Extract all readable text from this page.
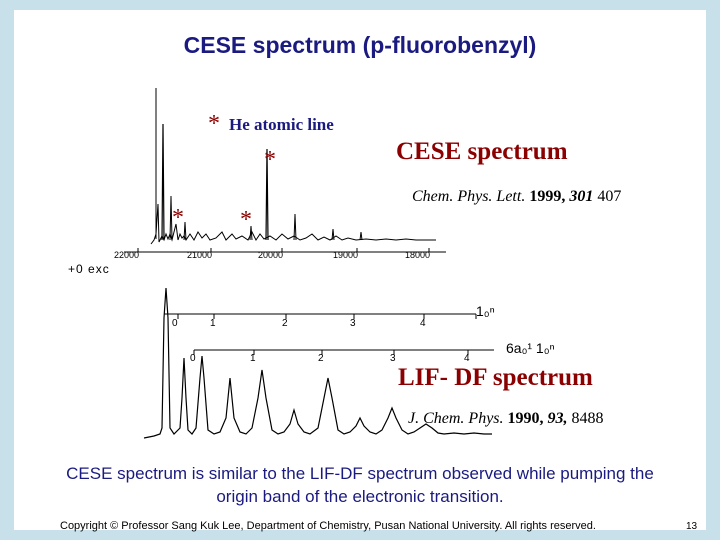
CESE spectrum (p-fluorobenzyl)
22000	21000	20000	19000	18000
+0 exc
* He atomic line
*
* *
CESE spectrum
Chem. Phys. Lett. 1999, 301 407
0	1	2	3	4
1₀ⁿ
0	1	2	3	4
6a₀¹ 1₀ⁿ
LIF- DF spectrum
J. Chem. Phys. 1990, 93, 8488
CESE spectrum is similar to the LIF-DF spectrum observed while pumping the origin band of the electronic transition.
Copyright © Professor Sang Kuk Lee, Department of Chemistry, Pusan National University. All rights reserved.	13
